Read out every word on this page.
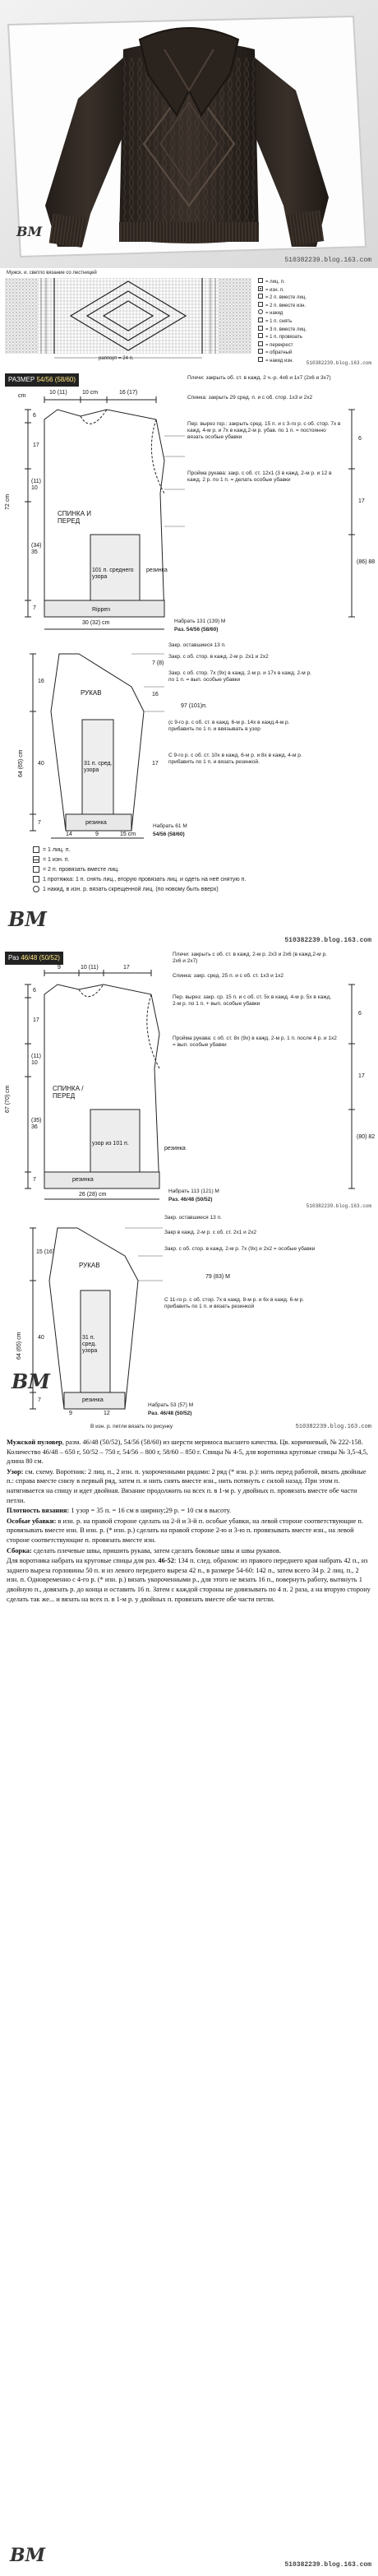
BM
510382239.blog.163.com
Мужск. и. светло вязание со лестницей
раппорт = 24 п.
= лиц. п.
= изн. п.
= 2 п. вместе лиц.
= 2 п. вместе изн.
= накид
= 1 п. снять
= 3 п. вместе лиц.
= 1 п. провязать
= перекрест
= обратный
= накид изн.	510382239.blog.163.com
РАЗМЕР 54/56 (58/60)
cm
10 (11)	10 cm	16 (17)
Плечи: закрыть об. ст. в кажд. 2 ч.-р. 4x6 и 1x7 (2x6 и 3x7)
Спинка: закрыть 29 сред. п. и с об. стор. 1x3 и 2x2
Пер. вырез гор.: закрыть сред. 15 п. и с 3-го р. с об. стор. 7x в кажд. 4-м р. и 7x в кажд.2-м р. убав. по 1 п. = постоянно вязать особые убавки
Пройма рукава: закр. с об. ст. 12x1 (3 в кажд. 2-м р. и 12 в кажд. 2 р. по 1 п. = делать особые убавки
6
17
(11) 10
(34) 35
7
72 cm
6
17
(86) 88
СПИНКА И ПЕРЕД
101 п. среднего узора
Rippen
резинка
30 (32) cm	Набрать 131 (139) M
Раз. 54/56 (58/60)
Закр. оставшиеся 13 п.
Закр. с об. стор. в кажд. 2-м р. 2x1 и 2x2
Закр. с об. стор. 7x (9x) в кажд. 2-м р. и 17x в кажд. 2-м р. по 1 п. = вып. особые убавки
97 (101)п.
(с 9-го р. с об. ст. в кажд. 6-м р. 14x в кажд.4-м р. прибавить по 1 п. и ввязывать в узор
С 9-го р. с об. ст. 10x в кажд. 6-м р. и 8x в кажд. 4-м р. прибавить по 1 п. и вязать резинкой.
РУКАВ
31 п. сред. узора
резинка
16
40
7
64 (65) cm
14	9	15 cm
7 (8)
16
17
Набрать 61 M
54/56 (58/60)
= 1 лиц. п.
= 1 изн. п.
= 2 п. провязать вместе лиц.
1 протяжка: 1 п. снять лиц., вторую провязать лиц. и одеть на неё снятую п.
1 накид, в изн. р. вязать скрещенной лиц. (по новому быть вверх)
BM
510382239.blog.163.com
Раз 46/48 (50/52)
9	10 (11)	17
Плечи: закрыть с об. ст. в кажд. 2-м р. 2x3 и 2x6 (в кажд.2-м р. 2x6 и 2x7)
Спинка: закр. сред. 25 п. и с об. ст. 1x3 и 1x2
Пер. вырез: закр. ср. 15 п. и с об. ст. 5x в кажд. 4-м р. 5x в кажд. 2-м р. по 1 п. + вып. особые убавки
Пройма рукава: с об. ст. 8x (9x) в кажд. 2-м р. 1 п. после 4 р. и 1x2 = вып. особые убавки
6
17
(11) 10
(35) 36
7
67 (70) cm
6
17
(80) 82
СПИНКА / ПЕРЕД
узор из 101 п.
резинка
резинка
26 (28) cm
Набрать 113 (121) M
Раз. 46/48 (50/52)
510382239.blog.163.com
Закр. оставшиеся 13 п.
Закр в кажд. 2-м р. с об. ст. 2x1 и 2x2
Закр. с об. стор. в кажд. 2-м р. 7x (9x) и 2x2 = особые убавки
79 (83) M
С 11-го р. с об. стор. 7x в кажд. 8-м р. и 6x в кажд. 6-м р. прибавить по 1 п. и вязать резинкой
РУКАВ
31 п. сред. узора
резинка
15 (16)
40
7
64 (65) cm
9	12
Набрать 53 (57) M
Раз. 46/48 (50/52)
BM
В изн. р. петли вязать по рисунку	510382239.blog.163.com

Мужской пуловер, разм. 46/48 (50/52), 54/56 (58/60) из шерсти мериноса высшего качества. Цв. коричневый, № 222-158. Количество 46/48 – 650 г, 50/52 – 750 г, 54/56 – 800 г, 58/60 – 850 г. Спицы № 4-5, для воротника круговые спицы № 3,5-4,5, длина 80 см.

Узор: см. схему. Воротник: 2 лиц. п., 2 изн. п. укороченными рядами: 2 ряд (* изн. р.): нить перед работой, вязать двойные п.: справа вместе снизу в первый ряд, затем п. и нить снять вместе изн., нить потянуть с силой назад. При этом п. натягивается на спицу и идет двойная. Вязание продолжить на всех п. в 1-м р. у двойных п. провязать вместе обе части петли.

Плотность вязания: 1 узор = 35 п. = 16 см в ширину;29 р. = 10 см в высоту.

Особые убавки: в изн. р. на правой стороне сделать на 2-й и 3-й п. особые убавки, на левой стороне соответствующие п. провязывать вместе изн. В изн. р. (* изн. р.) сделать на правой стороне 2-ю и 3-ю п. провязывать вместе изн., на левой стороне соответствующие п. провязать вместе изн.

Сборка: сделать плечевые швы, пришить рукава, затем сделать боковые швы и швы рукавов.

Для воротника набрать на круговые спицы для раз. 46-52: 134 п. след. образом: из правого переднего края набрать 42 п., из заднего выреза горловины 50 п. и из левого переднего выреза 42 п., в размере 54-60: 142 п., затем всего 34 р. 2 лиц. п., 2 изн. п. Одновременно с 4-го р. (* изн. р.) вязать укороченными р., для этого не вязать 16 п., повернуть работу, вытянуть 1 двойную п., довязать р. до конца и оставить 16 п. Затем с каждой стороны не довязывать по 4 п. 2 раза, а на вторую сторону сделать так же... и вязать на всех п. в 1-м р. у двойных п. провязать вместе обе части петли.

BM	510382239.blog.163.com
